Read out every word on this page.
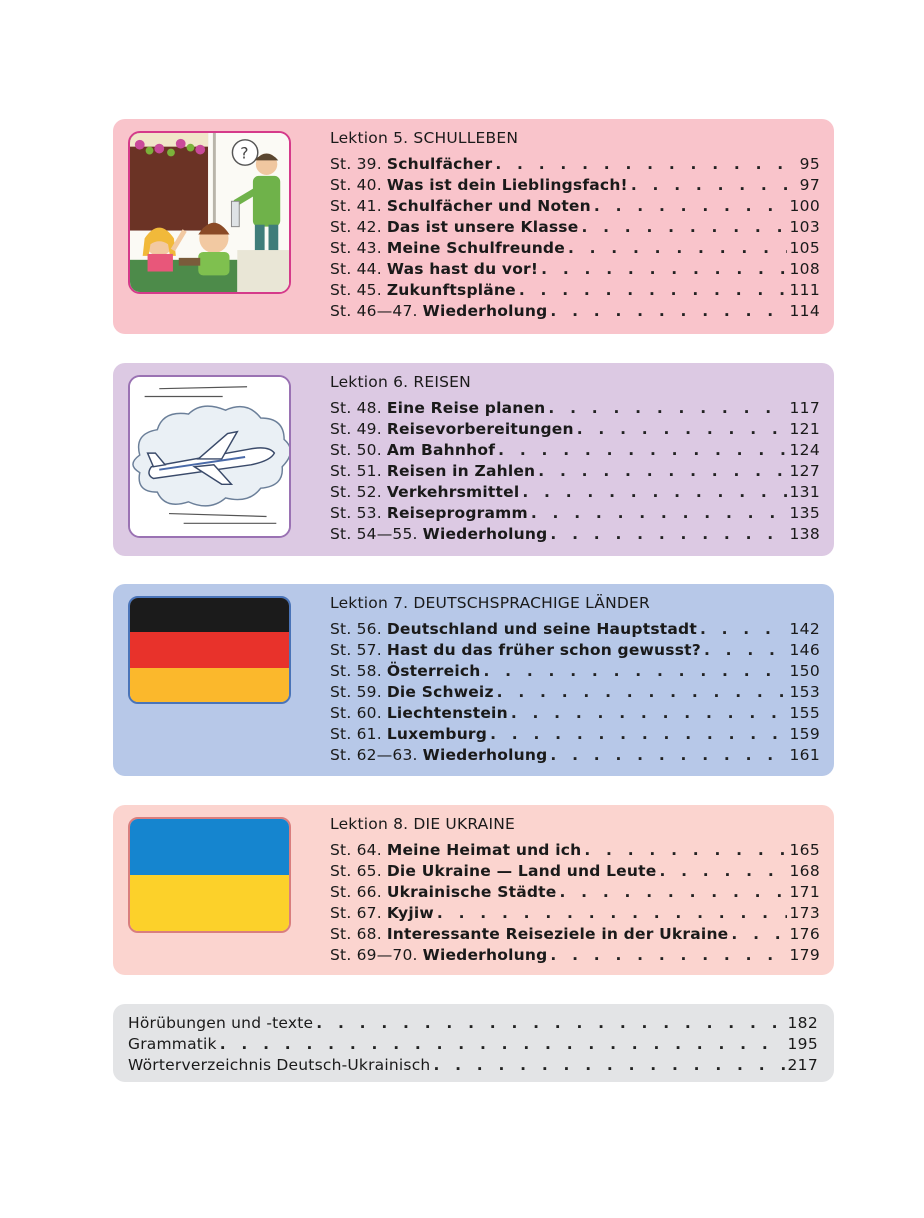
?
Lektion 5. SCHULLEBEN
St. 39. Schulfächer . . .	95
St. 40. Was ist dein Lieblingsfach! . . .	97
St. 41. Schulfächer und Noten . . .	100
St. 42. Das ist unsere Klasse . . .	103
St. 43. Meine Schulfreunde . . .	105
St. 44. Was hast du vor! . . .	108
St. 45. Zukunftspläne . . .	111
St. 46—47. Wiederholung . . .	114
Lektion 6. REISEN
St. 48. Eine Reise planen . . .	117
St. 49. Reisevorbereitungen . . .	121
St. 50. Am Bahnhof . . .	124
St. 51. Reisen in Zahlen . . .	127
St. 52. Verkehrsmittel . . .	131
St. 53. Reiseprogramm . . .	135
St. 54—55. Wiederholung . . .	138
Lektion 7. DEUTSCHSPRACHIGE LÄNDER
St. 56. Deutschland und seine Hauptstadt . . .	142
St. 57. Hast du das früher schon gewusst? . . .	146
St. 58. Österreich . . .	150
St. 59. Die Schweiz . . .	153
St. 60. Liechtenstein . . .	155
St. 61. Luxemburg . . .	159
St. 62—63. Wiederholung . . .	161
Lektion 8. DIE UKRAINE
St. 64. Meine Heimat und ich . . .	165
St. 65. Die Ukraine — Land und Leute . . .	168
St. 66. Ukrainische Städte . . .	171
St. 67. Kyjiw . . .	173
St. 68. Interessante Reiseziele in der Ukraine . . .	176
St. 69—70. Wiederholung . . .	179
Hörübungen und -texte . . .	182
Grammatik . . .	195
Wörterverzeichnis Deutsch-Ukrainisch . . .	217
